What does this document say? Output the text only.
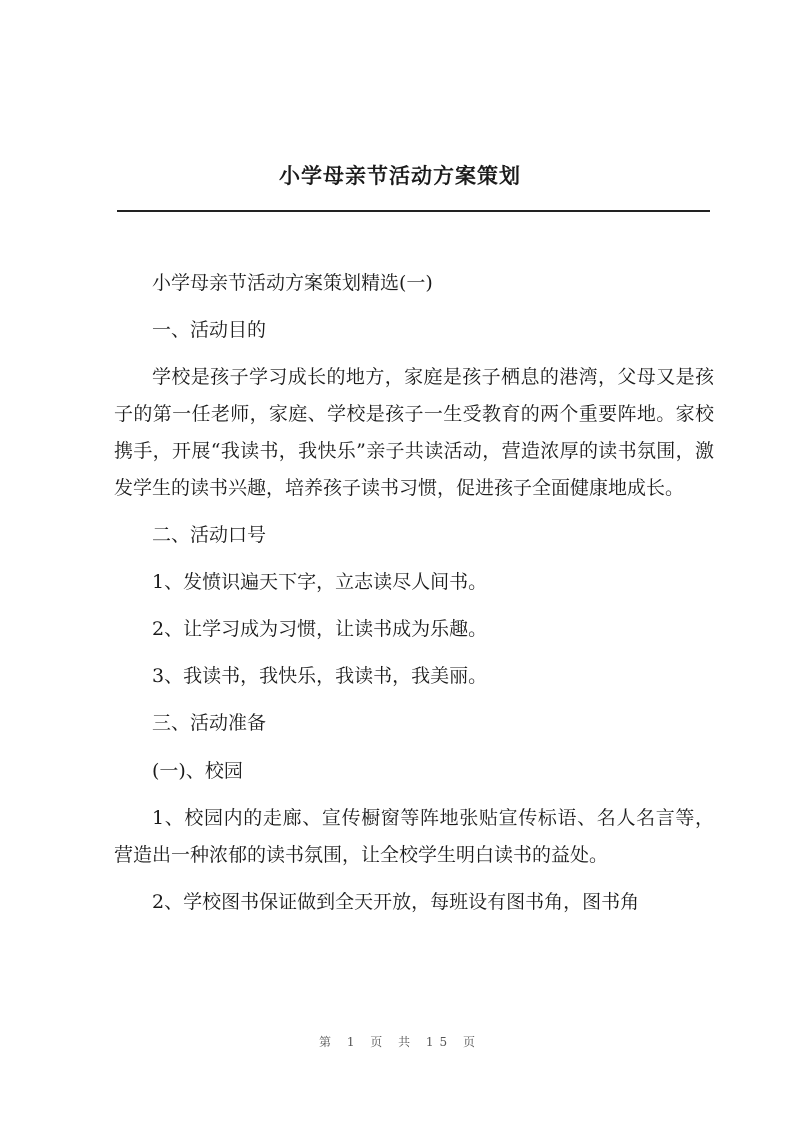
小学母亲节活动方案策划

小学母亲节活动方案策划精选(一)

一、活动目的

学校是孩子学习成长的地方，家庭是孩子栖息的港湾，父母又是孩子的第一任老师，家庭、学校是孩子一生受教育的两个重要阵地。家校携手，开展“我读书，我快乐”亲子共读活动，营造浓厚的读书氛围，激发学生的读书兴趣，培养孩子读书习惯，促进孩子全面健康地成长。

二、活动口号

1、发愤识遍天下字，立志读尽人间书。

2、让学习成为习惯，让读书成为乐趣。

3、我读书，我快乐，我读书，我美丽。

三、活动准备

(一)、校园

1、校园内的走廊、宣传橱窗等阵地张贴宣传标语、名人名言等，营造出一种浓郁的读书氛围，让全校学生明白读书的益处。

2、学校图书保证做到全天开放，每班设有图书角，图书角

第 1 页 共 15 页
